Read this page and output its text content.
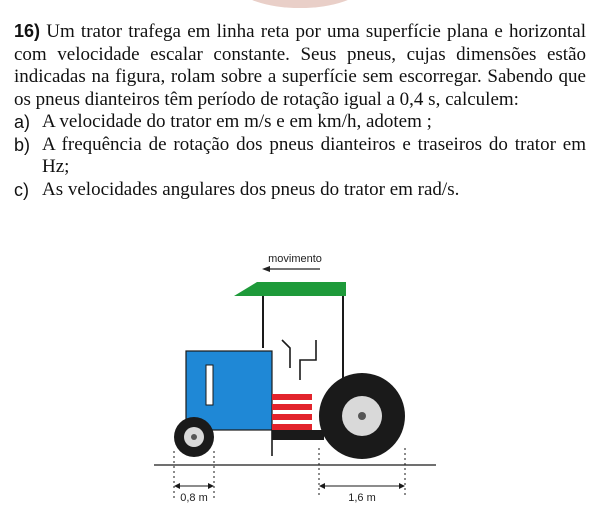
16) Um trator trafega em linha reta por uma superfície plana e horizontal com velocidade escalar constante. Seus pneus, cujas dimensões estão indicadas na figura, rolam sobre a superfície sem escorregar. Sabendo que os pneus dianteiros têm período de rotação igual a 0,4 s, calculem:
a) A velocidade do trator em m/s e em km/h, adotem ;
b) A frequência de rotação dos pneus dianteiros e traseiros do trator em Hz;
c) As velocidades angulares dos pneus do trator em rad/s.
movimento
0,8 m	1,6 m
